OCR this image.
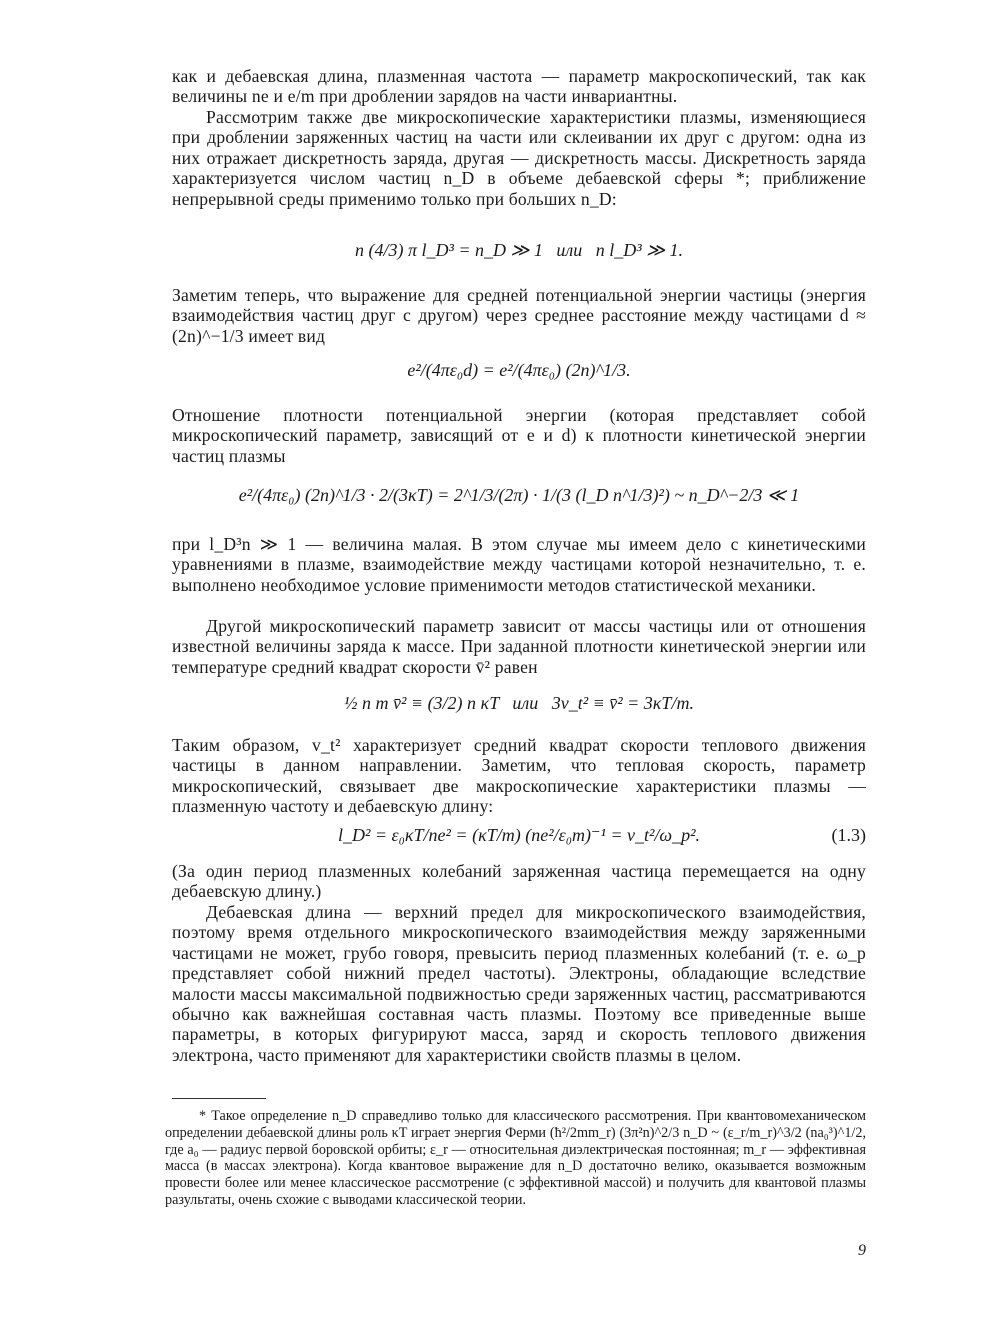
как и дебаевская длина, плазменная частота — параметр макроскопический, так как величины ne и e/m при дроблении зарядов на части инвариантны.
Рассмотрим также две микроскопические характеристики плазмы, изменяющиеся при дроблении заряженных частиц на части или склеивании их друг с другом: одна из них отражает дискретность заряда, другая — дискретность массы. Дискретность заряда характеризуется числом частиц n_D в объеме дебаевской сферы *; приближение непрерывной среды применимо только при больших n_D:
n (4/3) π l_D³ = n_D ≫ 1   или   n l_D³ ≫ 1.
Заметим теперь, что выражение для средней потенциальной энергии частицы (энергия взаимодействия частиц друг с другом) через среднее расстояние между частицами d ≈ (2n)^−1/3 имеет вид
e²/(4πε₀d) = e²/(4πε₀) (2n)^1/3.
Отношение плотности потенциальной энергии (которая представляет собой микроскопический параметр, зависящий от e и d) к плотности кинетической энергии частиц плазмы
e²/(4πε₀) (2n)^1/3 · 2/(3κT) = 2^1/3/(2π) · 1/(3 (l_D n^1/3)²) ~ n_D^−2/3 ≪ 1
при l_D³n ≫ 1 — величина малая. В этом случае мы имеем дело с кинетическими уравнениями в плазме, взаимодействие между частицами которой незначительно, т. е. выполнено необходимое условие применимости методов статистической механики.
Другой микроскопический параметр зависит от массы частицы или от отношения известной величины заряда к массе. При заданной плотности кинетической энергии или температуре средний квадрат скорости v̄² равен
½ n m v̄² ≡ (3/2) n κT   или   3v_t² ≡ v̄² = 3κT/m.
Таким образом, v_t² характеризует средний квадрат скорости теплового движения частицы в данном направлении. Заметим, что тепловая скорость, параметр микроскопический, связывает две макроскопические характеристики плазмы — плазменную частоту и дебаевскую длину:
l_D² = ε₀κT/ne² = (κT/m) (ne²/ε₀m)⁻¹ = v_t²/ω_p².	(1.3)
(За один период плазменных колебаний заряженная частица перемещается на одну дебаевскую длину.)
Дебаевская длина — верхний предел для микроскопического взаимодействия, поэтому время отдельного микроскопического взаимодействия между заряженными частицами не может, грубо говоря, превысить период плазменных колебаний (т. е. ω_p представляет собой нижний предел частоты). Электроны, обладающие вследствие малости массы максимальной подвижностью среди заряженных частиц, рассматриваются обычно как важнейшая составная часть плазмы. Поэтому все приведенные выше параметры, в которых фигурируют масса, заряд и скорость теплового движения электрона, часто применяют для характеристики свойств плазмы в целом.
* Такое определение n_D справедливо только для классического рассмотрения. При квантовомеханическом определении дебаевской длины роль κT играет энергия Ферми (ħ²/2mm_r) (3π²n)^2/3 n_D ~ (ε_r/m_r)^3/2 (na₀³)^1/2, где a₀ — радиус первой боровской орбиты; ε_r — относительная диэлектрическая постоянная; m_r — эффективная масса (в массах электрона). Когда квантовое выражение для n_D достаточно велико, оказывается возможным провести более или менее классическое рассмотрение (с эффективной массой) и получить для квантовой плазмы разультаты, очень схожие с выводами классической теории.
9
